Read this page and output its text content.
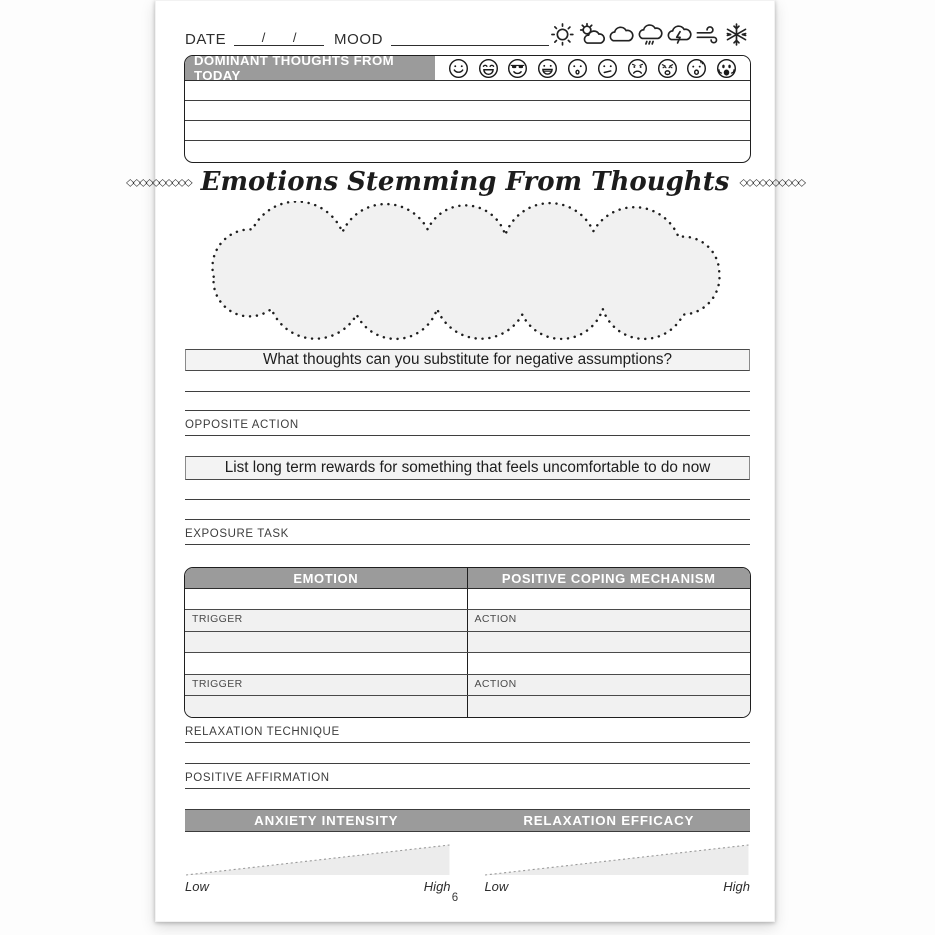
DATE	/ /	MOOD
DOMINANT THOUGHTS FROM TODAY
◇◇◇◇◇◇◇◇◇◇ Emotions Stemming From Thoughts ◇◇◇◇◇◇◇◇◇◇
What thoughts can you substitute for negative assumptions?
OPPOSITE ACTION
List long term rewards for something that feels uncomfortable to do now
EXPOSURE TASK
EMOTION	POSITIVE COPING MECHANISM
TRIGGER	ACTION
TRIGGER	ACTION
RELAXATION TECHNIQUE
POSITIVE AFFIRMATION
ANXIETY INTENSITY	RELAXATION EFFICACY
Low	High	Low	High
6
